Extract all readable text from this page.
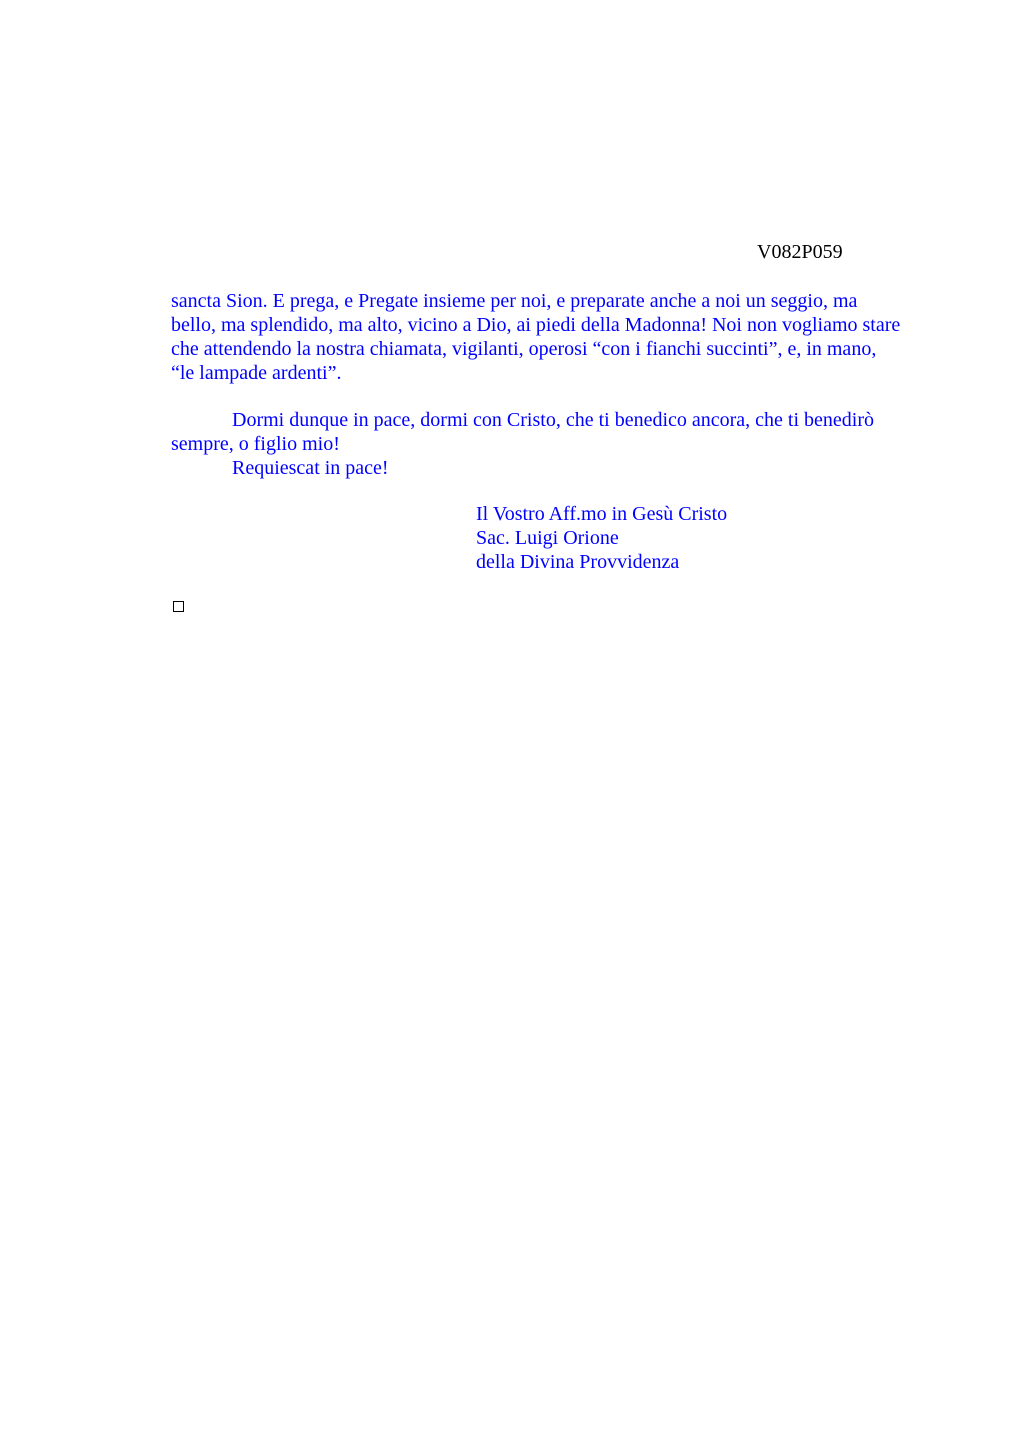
V082P059
sancta Sion. E prega, e Pregate insieme per noi, e preparate anche a noi un seggio, ma
bello, ma splendido, ma alto, vicino a Dio, ai piedi della Madonna! Noi non vogliamo stare
che attendendo la nostra chiamata, vigilanti, operosi “con i fianchi succinti”, e, in mano,
“le lampade ardenti”.
Dormi dunque in pace, dormi con Cristo, che ti benedico ancora, che ti benedirò
sempre, o figlio mio!
Requiescat in pace!
Il Vostro Aff.mo in Gesù Cristo
Sac. Luigi Orione
della Divina Provvidenza
